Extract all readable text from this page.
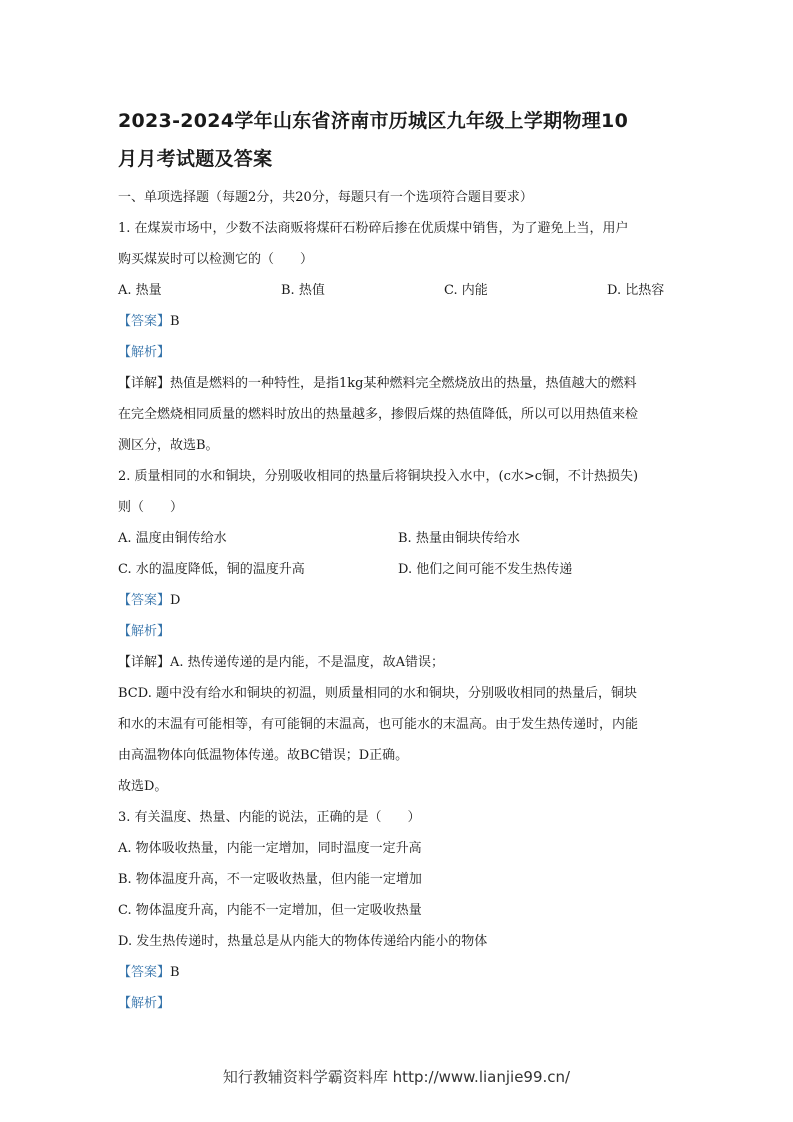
2023-2024学年山东省济南市历城区九年级上学期物理10
月月考试题及答案
一、单项选择题（每题2分，共20分，每题只有一个选项符合题目要求）
1. 在煤炭市场中，少数不法商贩将煤矸石粉碎后掺在优质煤中销售，为了避免上当，用户
购买煤炭时可以检测它的（　　）
A. 热量	B. 热值	C. 内能	D. 比热容
【答案】B
【解析】
【详解】热值是燃料的一种特性，是指1kg某种燃料完全燃烧放出的热量，热值越大的燃料
在完全燃烧相同质量的燃料时放出的热量越多，掺假后煤的热值降低，所以可以用热值来检
测区分，故选B。
2. 质量相同的水和铜块，分别吸收相同的热量后将铜块投入水中，(c水>c铜，不计热损失)
则（　　）
A. 温度由铜传给水	B. 热量由铜块传给水
C. 水的温度降低，铜的温度升高	D. 他们之间可能不发生热传递
【答案】D
【解析】
【详解】A. 热传递传递的是内能，不是温度，故A错误；
BCD. 题中没有给水和铜块的初温，则质量相同的水和铜块，分别吸收相同的热量后，铜块
和水的末温有可能相等，有可能铜的末温高，也可能水的末温高。由于发生热传递时，内能
由高温物体向低温物体传递。故BC错误；D正确。
故选D。
3. 有关温度、热量、内能的说法，正确的是（　　）
A. 物体吸收热量，内能一定增加，同时温度一定升高
B. 物体温度升高，不一定吸收热量，但内能一定增加
C. 物体温度升高，内能不一定增加，但一定吸收热量
D. 发生热传递时，热量总是从内能大的物体传递给内能小的物体
【答案】B
【解析】
知行教辅资料学霸资料库 http://www.lianjie99.cn/
